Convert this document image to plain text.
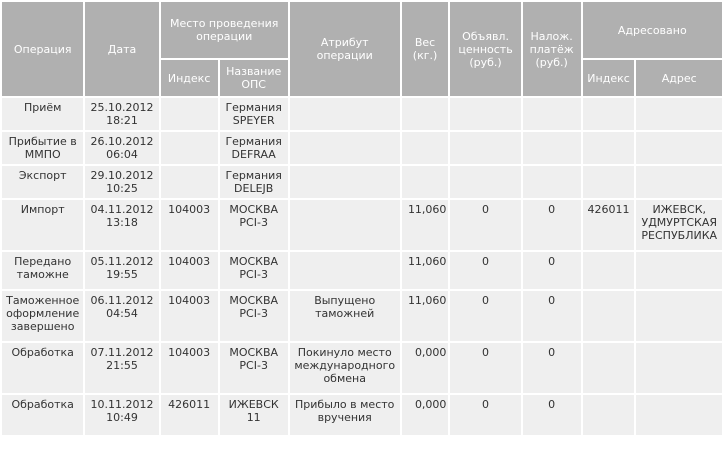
Операция	Дата	Место проведения операции		Атрибут операции	Вес (кг.)	Объявл. ценность (руб.)	Налож. платёж (руб.)	Адресовано	
		Индекс	Название ОПС					Индекс	Адрес
Приём	25.10.2012 18:21		Германия SPEYER						
Прибытие в ММПО	26.10.2012 06:04		Германия DEFRAA						
Экспорт	29.10.2012 10:25		Германия DELEJB						
Импорт	04.11.2012 13:18	104003	МОСКВА PCI-3		11,060	0	0	426011	ИЖЕВСК, УДМУРТСКАЯ РЕСПУБЛИКА
Передано таможне	05.11.2012 19:55	104003	МОСКВА PCI-3		11,060	0	0		
Таможенное оформление завершено	06.11.2012 04:54	104003	МОСКВА PCI-3	Выпущено таможней	11,060	0	0		
Обработка	07.11.2012 21:55	104003	МОСКВА PCI-3	Покинуло место международного обмена	0,000	0	0		
Обработка	10.11.2012 10:49	426011	ИЖЕВСК 11	Прибыло в место вручения	0,000	0	0		
